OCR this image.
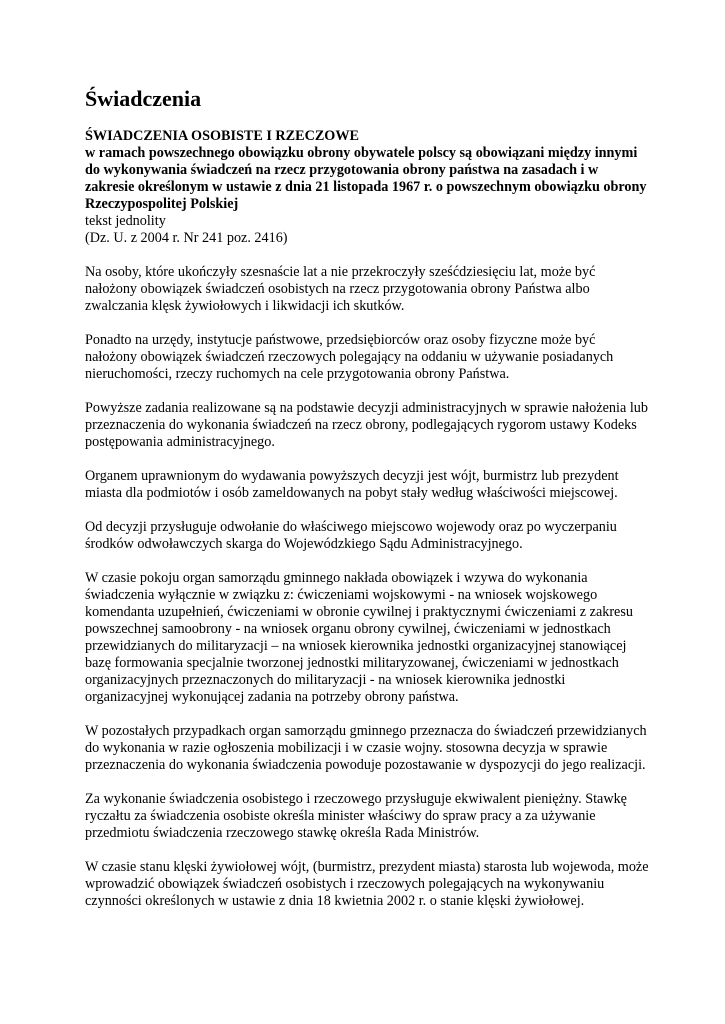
Świadczenia
ŚWIADCZENIA OSOBISTE I RZECZOWE
w ramach powszechnego obowiązku obrony obywatele polscy są obowiązani między innymi do wykonywania świadczeń na rzecz przygotowania obrony państwa na zasadach i w zakresie określonym w ustawie z dnia 21 listopada 1967 r. o powszechnym obowiązku obrony Rzeczypospolitej Polskiej
tekst jednolity
(Dz. U. z 2004 r. Nr 241 poz. 2416)

Na osoby, które ukończyły szesnaście lat a nie przekroczyły sześćdziesięciu lat, może być nałożony obowiązek świadczeń osobistych na rzecz przygotowania obrony Państwa albo zwalczania klęsk żywiołowych i likwidacji ich skutków.

Ponadto na urzędy, instytucje państwowe, przedsiębiorców oraz osoby fizyczne może być nałożony obowiązek świadczeń rzeczowych polegający na oddaniu w używanie posiadanych nieruchomości, rzeczy ruchomych na cele przygotowania obrony Państwa.

Powyższe zadania realizowane są na podstawie decyzji administracyjnych w sprawie nałożenia lub przeznaczenia do wykonania świadczeń na rzecz obrony, podlegających rygorom ustawy Kodeks postępowania administracyjnego.

Organem uprawnionym do wydawania powyższych decyzji jest wójt, burmistrz lub prezydent miasta dla podmiotów i osób zameldowanych na pobyt stały według właściwości miejscowej.

Od decyzji przysługuje odwołanie do właściwego miejscowo wojewody oraz po wyczerpaniu środków odwoławczych skarga do Wojewódzkiego Sądu Administracyjnego.

W czasie pokoju organ samorządu gminnego nakłada obowiązek i wzywa do wykonania świadczenia wyłącznie w związku z: ćwiczeniami wojskowymi - na wniosek wojskowego komendanta uzupełnień, ćwiczeniami w obronie cywilnej i praktycznymi ćwiczeniami z zakresu powszechnej samoobrony - na wniosek organu obrony cywilnej, ćwiczeniami w jednostkach przewidzianych do militaryzacji – na wniosek kierownika jednostki organizacyjnej stanowiącej bazę formowania specjalnie tworzonej jednostki militaryzowanej, ćwiczeniami w jednostkach organizacyjnych przeznaczonych do militaryzacji - na wniosek kierownika jednostki organizacyjnej wykonującej zadania na potrzeby obrony państwa.

W pozostałych przypadkach organ samorządu gminnego przeznacza do świadczeń przewidzianych do wykonania w razie ogłoszenia mobilizacji i w czasie wojny. stosowna decyzja w sprawie przeznaczenia do wykonania świadczenia powoduje pozostawanie w dyspozycji do jego realizacji.

Za wykonanie świadczenia osobistego i rzeczowego przysługuje ekwiwalent pieniężny. Stawkę ryczałtu za świadczenia osobiste określa minister właściwy do spraw pracy a za używanie przedmiotu świadczenia rzeczowego stawkę określa Rada Ministrów.

W czasie stanu klęski żywiołowej wójt, (burmistrz, prezydent miasta) starosta lub wojewoda, może wprowadzić obowiązek świadczeń osobistych i rzeczowych polegających na wykonywaniu czynności określonych w ustawie z dnia 18 kwietnia 2002 r. o stanie klęski żywiołowej.
